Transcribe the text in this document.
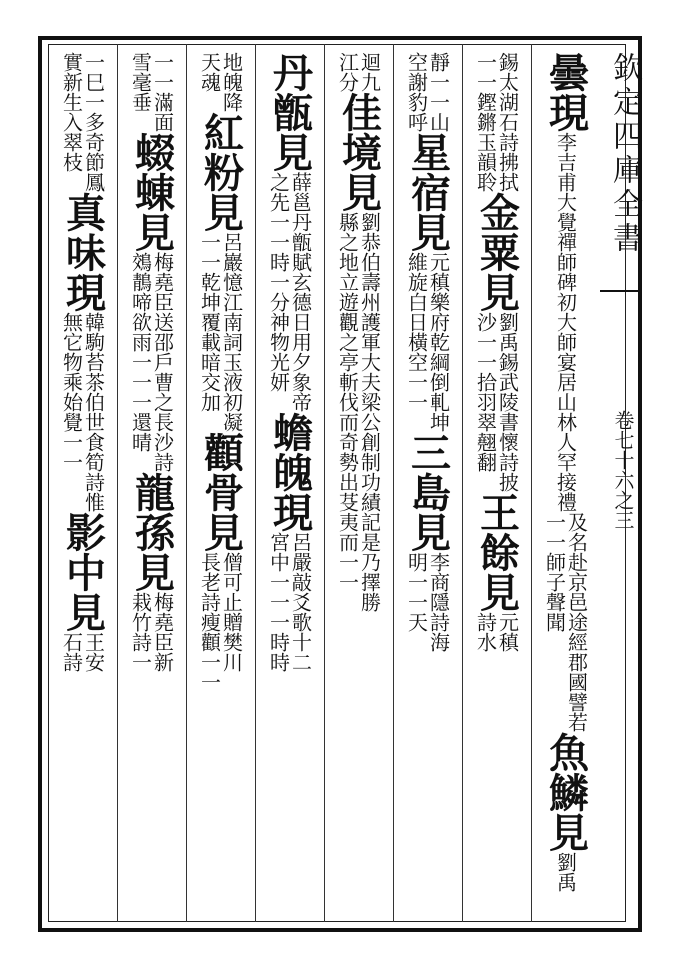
欽定四庫全書
卷七十六之三
曇現
李吉甫大覺禪師碑初大師宴居山林人罕接禮
及名赴京邑途經郡國譬若
一一師子聲聞
魚鱗見
劉禹
錫太湖石詩拂拭
一一鏗鏘玉韻聆
金粟見
劉禹錫武陵書懷詩披
沙一一拾羽翠翹翻
王餘見
元稹
詩水
靜一一山
空謝豹呼
星宿見
元稹樂府乾綱倒軋坤
維旋白日橫空一一
三島見
李商隱詩海
明一一天
迴九
江分
佳境見
劉恭伯壽州護軍大夫梁公創制功績記是乃擇勝
縣之地立遊觀之亭斬伐而奇勢出芟夷而一一
丹甑見
薛邕丹甑賦玄德日用夕象帝
之先一一時一分神物光妍
蟾魄現
呂嚴敲爻歌十二
宮中一一一時時
地魄降
天魂
紅粉見
呂巖憶江南詞玉液初凝
一一乾坤覆載暗交加
顴骨見
僧可止贈樊川
長老詩瘦顴一一
一一滿面
雪毫垂
蝃蝀見
梅堯臣送邵戶曹之長沙詩
鵁鶄啼欲雨一一一還晴
龍孫見
梅堯臣新
栽竹詩一
一巳一多奇節鳳
實新生入翠枝
真味現
韓駒苔茶伯世食筍詩惟
無它物乘始覺一一
影中見
王安
石詩
